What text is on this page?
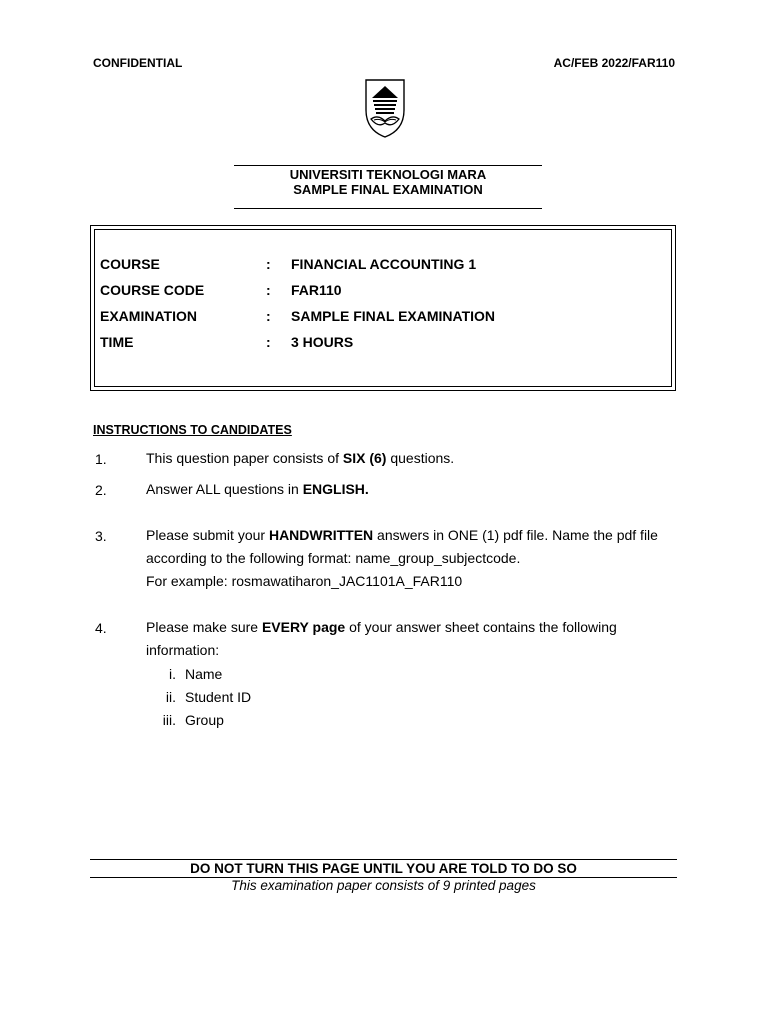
CONFIDENTIAL	AC/FEB 2022/FAR110
UNIVERSITI TEKNOLOGI MARA
SAMPLE FINAL EXAMINATION
COURSE	: FINANCIAL ACCOUNTING 1
COURSE CODE	: FAR110
EXAMINATION	: SAMPLE FINAL EXAMINATION
TIME	: 3 HOURS
INSTRUCTIONS TO CANDIDATES
1.	This question paper consists of SIX (6) questions.
2.	Answer ALL questions in ENGLISH.
3.	Please submit your HANDWRITTEN answers in ONE (1) pdf file. Name the pdf file
according to the following format: name_group_subjectcode.
For example: rosmawatiharon_JAC1101A_FAR110
4.	Please make sure EVERY page of your answer sheet contains the following
information:
i. Name
ii. Student ID
iii. Group
DO NOT TURN THIS PAGE UNTIL YOU ARE TOLD TO DO SO
This examination paper consists of 9 printed pages
